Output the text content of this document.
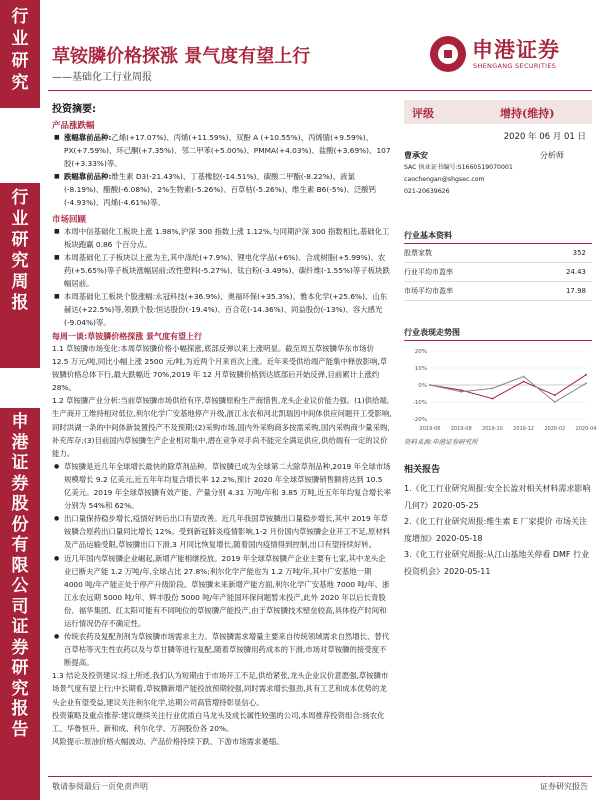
行
业
研
究
行
业
研
究
周
报
申
港
证
券
股
份
有
限
公
司
证
券
研
究
报
告
草铵膦价格探涨 景气度有望上行
——基础化工行业周报
申港证券
SHENGANG SECURITIES
投资摘要:
产品涨跌幅
■ 涨幅靠前品种:乙烯(+17.07%)、丙烯(+11.59%)、双酚 A (+10.55%)、丙烯腈(+9.59%)、PX(+7.59%)、环己酮(+7.35%)、邻二甲苯(+5.00%)、PMMA(+4.03%)、盐酸(+3.69%)、107 胶(+3.33%)等。
■ 跌幅靠前品种:维生素 D3(-21.43%)、丁基橡胶(-14.51%)、碳酸二甲酯(-8.22%)、液氯(-8.19%)、醋酸(-6.08%)、2%生物素(-5.26%)、百草枯(-5.26%)、维生素 B6(-5%)、泛酸钙(-4.93%)、丙烯(-4.61%)等。
市场回顾
■ 本周中信基础化工板块上涨 1.98%,沪深 300 指数上涨 1.12%,与同期沪深 300 指数相比,基础化工板块跑赢 0.86 个百分点。
■ 本周基础化工子板块以上涨为主,其中涤纶(+7.9%)、锂电化学品(+6%)、合成树脂(+5.99%)、农药(+5.65%)等子板块涨幅居前;改性塑料(-5.27%)、钛白粉(-3.49%)、碳纤维(-1.55%)等子板块跌幅居前。
■ 本周基础化工板块个股涨幅:永冠科技(+36.9%)、奥福环保(+35.3%)、雅本化学(+25.6%)、山东赫达(+22.5%)等,领跌个股:恒达股份(-19.4%)、百合花(-14.36%)、同益股份(-13%)、容大感光(-9.04%)等。
每周一谈:草铵膦价格探涨 景气度有望上行
1.1 草铵膦市场变化:本周草铵膦价格小幅探涨,底部反弹以来上涨明显。截至周五草铵膦华东市场价 12.5 万元/吨,同比小幅上涨 2500 元/吨,为近两个月来首次上涨。近年来受供给端产能集中释放影响,草铵膦价格总体下行,最大跌幅近 70%,2019 年 12 月草铵膦价格到达底部后开始反弹,目前累计上涨约 28%。
1.2 草铵膦产业分析:当前草铵膦市场供给有序,草铵膦原粉生产商惜售,龙头企业议价能力强。(1)供给端,生产商开工维持相对低位,利尔化学广安基地停产升级,浙江永农和河北凯瑞因中间体供应问题开工受影响,同时洪湖一条的中间体新装置投产不及预期;(2)采购市场,国内外采购商多按需采购,国内采购商少量采购,补充库存;(3)目前国内草铵膦生产企业相对集中,潜在竞争对手尚不能完全满足供应,供给端有一定的议价能力。
● 草铵膦是近几年全球增长最快的除草剂品种。草铵膦已成为全球第二大除草剂品种,2019 年全球市场规模增长 9.2 亿美元,近五年年均复合增长率 12.2%,预计 2020 年全球草铵膦销售额将达到 10.5 亿美元。2019 年全球草铵膦有效产能、产量分别 4.31 万吨/年和 3.85 万吨,近五年年均复合增长率分别为 54%和 62%。
● 出口量保持稳步增长,疫情好转后出口有望改善。近几年我国草铵膦出口量稳步增长,其中 2019 年草铵膦合原药出口量同比增长 12%。受到新冠肺炎疫情影响,1-2 月份国内草铵膦企业开工不足,原材料及产品运输受限,草铵膦出口下滑,3 月同比恢复增长,随着国内疫情得到控制,出口有望持续好转。
● 近几年国内草铵膦企业崛起,新增产能相继投放。2019 年全球草铵膦产企业主要有七家,其中龙头企业已断夫产能 1.2 万吨/年,全球占比 27.8%;利尔化学产能也为 1.2 万吨/年,其中广安基地一期 4000 吨/年产能正处于停产升级阶段。草铵膦未来新增产能方面,利尔化学广安基地 7000 吨/年、浙江永农远期 5000 吨/年、辉丰股份 5000 吨/年产能国环保问题暂未投产,此外 2020 年以后长青股份、福华集团、红太阳可能有不同吨位的草铵膦产能投产,由于草铵膦技术壁垒较高,具体投产时间和运行情况仍存不确定性。
● 传统农药及复配剂剂为草铵膦市场需求主力。草铵膦需求增量主要来自传统领域需求自然增长、替代百草枯等灭生性农药以及与草甘膦等进行复配,随着草铵膦用药成本的下滑,市场对草铵膦的接受度不断提高。
1.3 结论及投资建议:综上所述,我们认为短期由于市场开工不足,供给紧张,龙头企业议价意愿强,草铵膦市场景气度有望上行;中长期看,草铵膦新增产能投放预期较强,同时需求增长强劲,具有工艺和成本优势的龙头企业有望受益,建议关注利尔化学,达期公司高管增持彰显信心。
投资策略及重点推荐:建议继续关注行业优质白马龙头及成长属性较强的公司,本周推荐投资组合:扬农化工、华鲁恒升、新和成、利尔化学、万润股份各 20%。
风险提示:原油价格大幅波动、产品价格持续下跌、下游市场需求萎缩。
评级	增持(维持)
2020 年 06 月 01 日
曹承安	分析师
SAC 执业证书编号:S1660519070001
caochengan@shgsec.com
021-20639626
行业基本资料
股票家数	352
行业平均市盈率	24.43
市场平均市盈率	17.98
行业表现走势图
20%
10%
0%
-10%
-20%
2019-06 2019-08 2019-10 2019-12 2020-02 2020-04
资料来源:申港证券研究所
相关报告
1.《化工行业研究周报:安全长盈对相关材料需求影响几何?》2020-05-25
2.《化工行业研究周报:维生素 E 厂家提价 市场关注度增加》2020-05-18
3.《化工行业研究周报:从江山基地关停看 DMF 行业投资机会》2020-05-11
敬请参阅最后一页免责声明	证券研究报告
